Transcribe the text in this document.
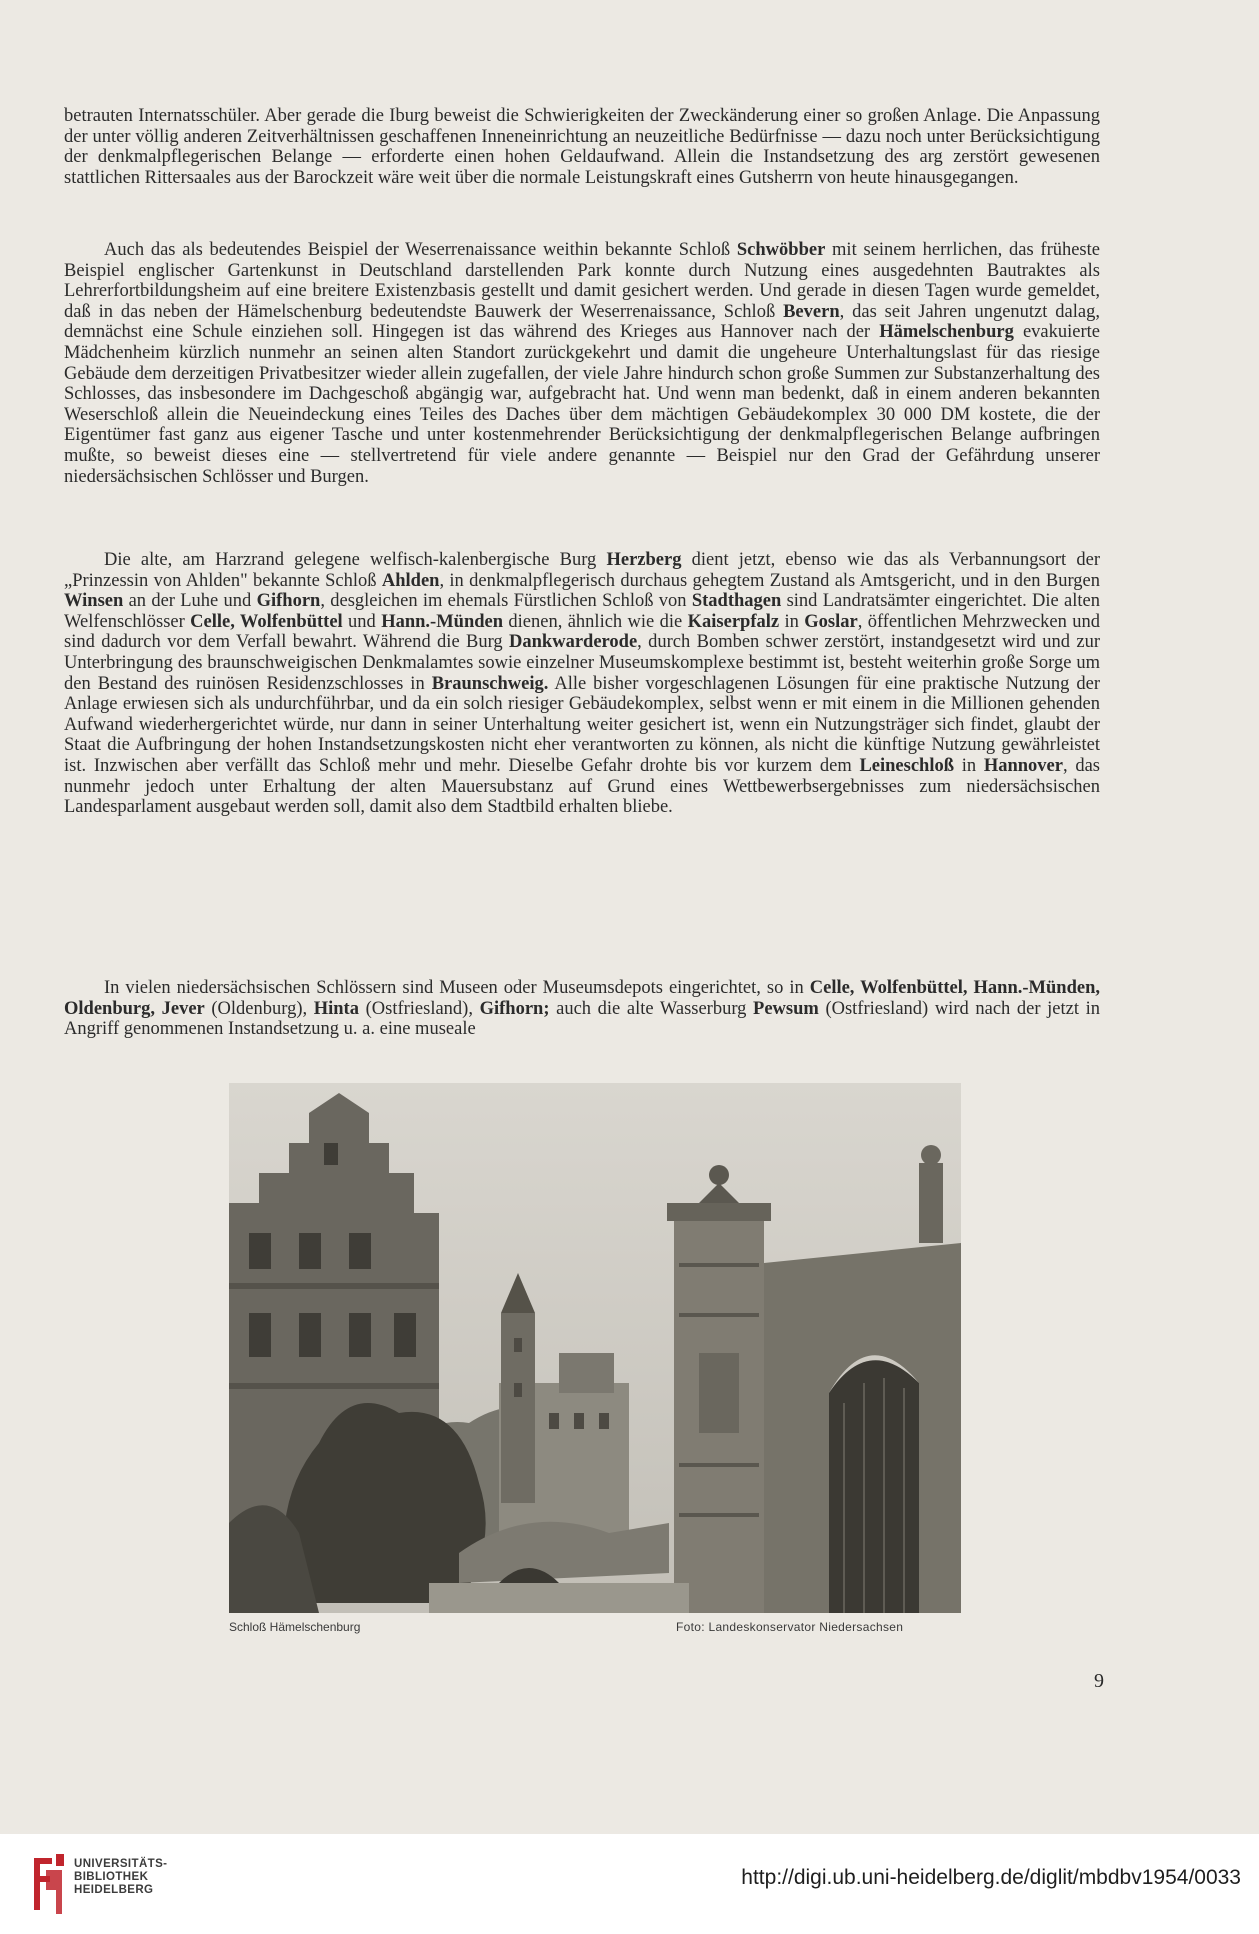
betrauten Internatsschüler. Aber gerade die Iburg beweist die Schwierigkeiten der Zweckänderung einer so großen Anlage. Die Anpassung der unter völlig anderen Zeitverhältnissen geschaffenen Inneneinrichtung an neuzeitliche Bedürfnisse — dazu noch unter Berücksichtigung der denkmalpflegerischen Belange — erforderte einen hohen Geldaufwand. Allein die Instandsetzung des arg zerstört gewesenen stattlichen Rittersaales aus der Barockzeit wäre weit über die normale Leistungskraft eines Gutsherrn von heute hinausgegangen.

Auch das als bedeutendes Beispiel der Weserrenaissance weithin bekannte Schloß Schwöbber mit seinem herrlichen, das früheste Beispiel englischer Gartenkunst in Deutschland darstellenden Park konnte durch Nutzung eines ausgedehnten Bautraktes als Lehrerfortbildungsheim auf eine breitere Existenzbasis gestellt und damit gesichert werden. Und gerade in diesen Tagen wurde gemeldet, daß in das neben der Hämelschenburg bedeutendste Bauwerk der Weserrenaissance, Schloß Bevern, das seit Jahren ungenutzt dalag, demnächst eine Schule einziehen soll. Hingegen ist das während des Krieges aus Hannover nach der Hämelschenburg evakuierte Mädchenheim kürzlich nunmehr an seinen alten Standort zurückgekehrt und damit die ungeheure Unterhaltungslast für das riesige Gebäude dem derzeitigen Privatbesitzer wieder allein zugefallen, der viele Jahre hindurch schon große Summen zur Substanzerhaltung des Schlosses, das insbesondere im Dachgeschoß abgängig war, aufgebracht hat. Und wenn man bedenkt, daß in einem anderen bekannten Weserschloß allein die Neueindeckung eines Teiles des Daches über dem mächtigen Gebäudekomplex 30 000 DM kostete, die der Eigentümer fast ganz aus eigener Tasche und unter kostenmehrender Berücksichtigung der denkmalpflegerischen Belange aufbringen mußte, so beweist dieses eine — stellvertretend für viele andere genannte — Beispiel nur den Grad der Gefährdung unserer niedersächsischen Schlösser und Burgen.

Die alte, am Harzrand gelegene welfisch-kalenbergische Burg Herzberg dient jetzt, ebenso wie das als Verbannungsort der „Prinzessin von Ahlden" bekannte Schloß Ahlden, in denkmalpflegerisch durchaus gehegtem Zustand als Amtsgericht, und in den Burgen Winsen an der Luhe und Gifhorn, desgleichen im ehemals Fürstlichen Schloß von Stadthagen sind Landratsämter eingerichtet. Die alten Welfenschlösser Celle, Wolfenbüttel und Hann.-Münden dienen, ähnlich wie die Kaiserpfalz in Goslar, öffentlichen Mehrzwecken und sind dadurch vor dem Verfall bewahrt. Während die Burg Dankwarderode, durch Bomben schwer zerstört, instandgesetzt wird und zur Unterbringung des braunschweigischen Denkmalamtes sowie einzelner Museumskomplexe bestimmt ist, besteht weiterhin große Sorge um den Bestand des ruinösen Residenzschlosses in Braunschweig. Alle bisher vorgeschlagenen Lösungen für eine praktische Nutzung der Anlage erwiesen sich als undurchführbar, und da ein solch riesiger Gebäudekomplex, selbst wenn er mit einem in die Millionen gehenden Aufwand wiederhergerichtet würde, nur dann in seiner Unterhaltung weiter gesichert ist, wenn ein Nutzungsträger sich findet, glaubt der Staat die Aufbringung der hohen Instandsetzungskosten nicht eher verantworten zu können, als nicht die künftige Nutzung gewährleistet ist. Inzwischen aber verfällt das Schloß mehr und mehr. Dieselbe Gefahr drohte bis vor kurzem dem Leineschloß in Hannover, das nunmehr jedoch unter Erhaltung der alten Mauersubstanz auf Grund eines Wettbewerbsergebnisses zum niedersächsischen Landesparlament ausgebaut werden soll, damit also dem Stadtbild erhalten bliebe.

In vielen niedersächsischen Schlössern sind Museen oder Museumsdepots eingerichtet, so in Celle, Wolfenbüttel, Hann.-Münden, Oldenburg, Jever (Oldenburg), Hinta (Ostfriesland), Gifhorn; auch die alte Wasserburg Pewsum (Ostfriesland) wird nach der jetzt in Angriff genommenen Instandsetzung u. a. eine museale

Schloß Hämelschenburg	Foto: Landeskonservator Niedersachsen
9
UNIVERSITÄTS-
BIBLIOTHEK
HEIDELBERG
http://digi.ub.uni-heidelberg.de/diglit/mbdbv1954/0033
